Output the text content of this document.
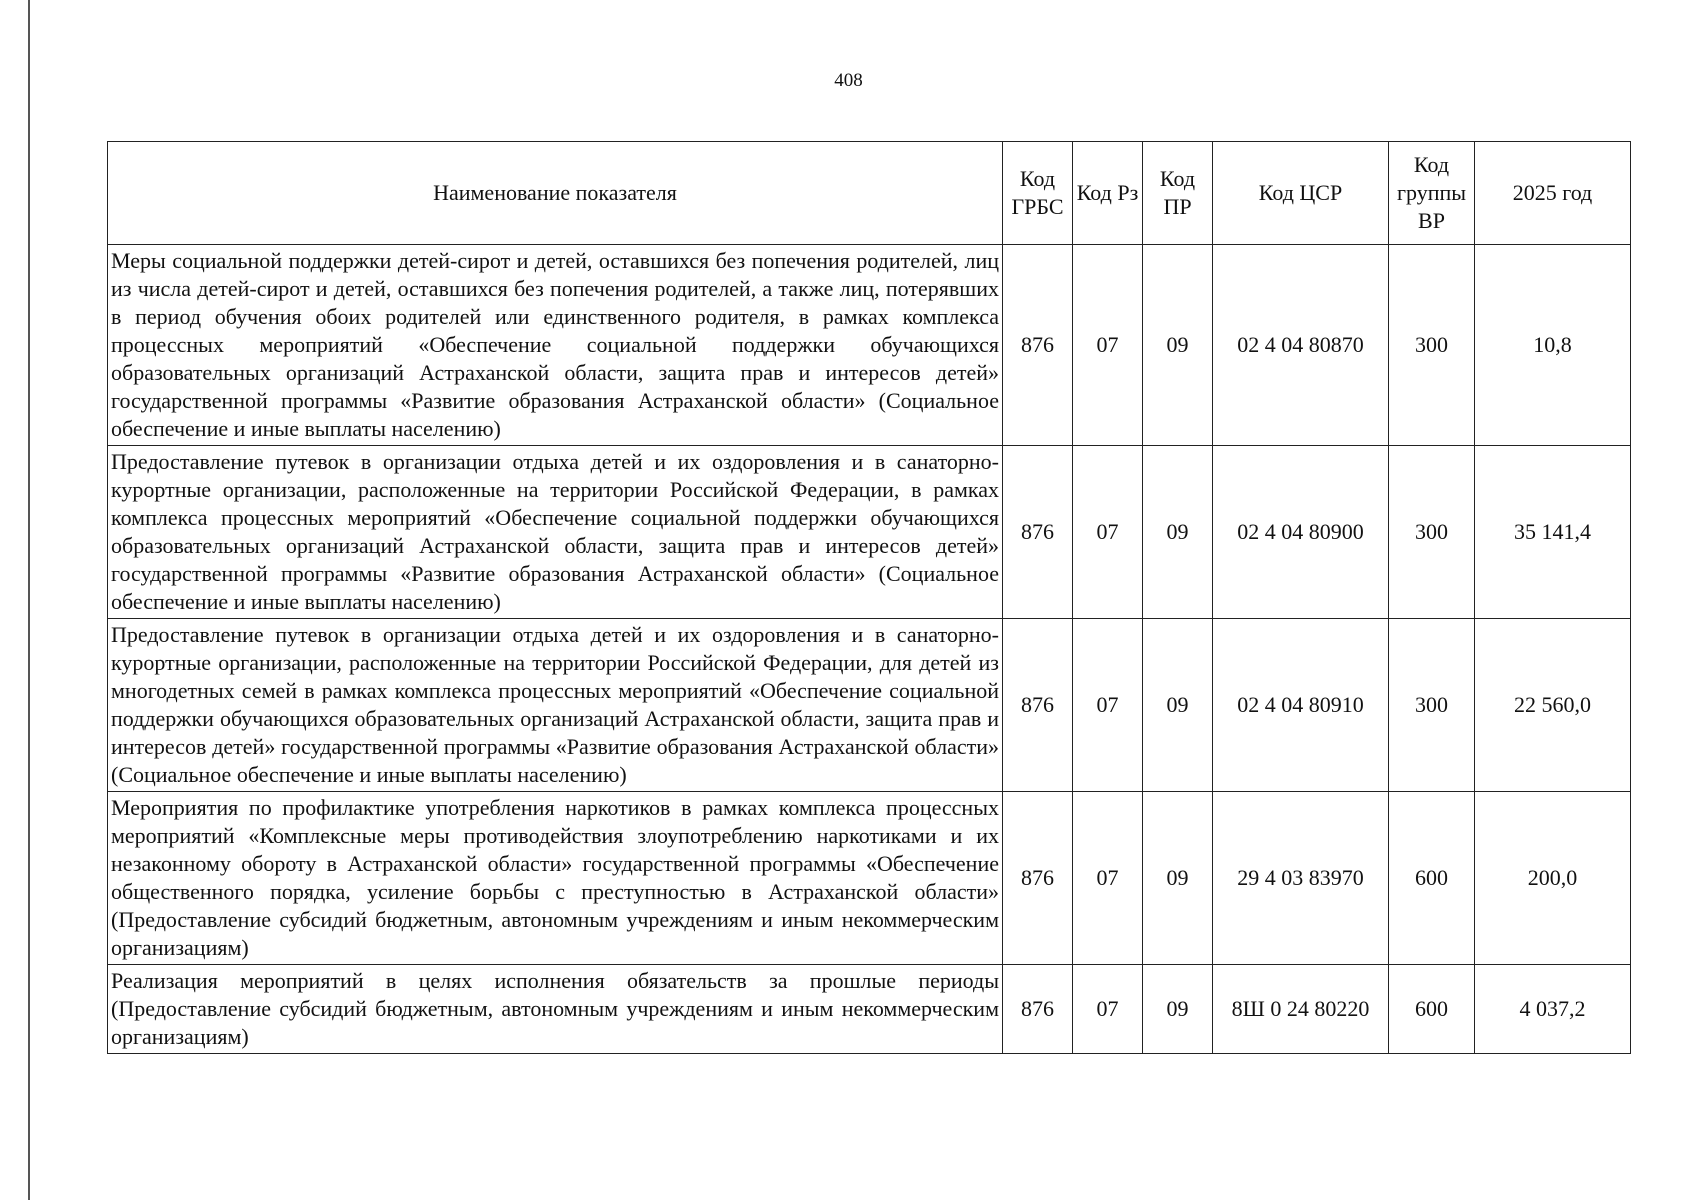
408
Наименование показателя	Код ГРБС	Код Рз	Код ПР	Код ЦСР	Код группы ВР	2025 год
Меры социальной поддержки детей-сирот и детей, оставшихся без попечения родителей, лиц из числа детей-сирот и детей, оставшихся без попечения родителей, а также лиц, потерявших в период обучения обоих родителей или единственного родителя, в рамках комплекса процессных мероприятий «Обеспечение социальной поддержки обучающихся образовательных организаций Астраханской области, защита прав и интересов детей» государственной программы «Развитие образования Астраханской области» (Социальное обеспечение и иные выплаты населению)	876	07	09	02 4 04 80870	300	10,8
Предоставление путевок в организации отдыха детей и их оздоровления и в санаторно-курортные организации, расположенные на территории Российской Федерации, в рамках комплекса процессных мероприятий «Обеспечение социальной поддержки обучающихся образовательных организаций Астраханской области, защита прав и интересов детей» государственной программы «Развитие образования Астраханской области» (Социальное обеспечение и иные выплаты населению)	876	07	09	02 4 04 80900	300	35 141,4
Предоставление путевок в организации отдыха детей и их оздоровления и в санаторно-курортные организации, расположенные на территории Российской Федерации, для детей из многодетных семей в рамках комплекса процессных мероприятий «Обеспечение социальной поддержки обучающихся образовательных организаций Астраханской области, защита прав и интересов детей» государственной программы «Развитие образования Астраханской области» (Социальное обеспечение и иные выплаты населению)	876	07	09	02 4 04 80910	300	22 560,0
Мероприятия по профилактике употребления наркотиков в рамках комплекса процессных мероприятий «Комплексные меры противодействия злоупотреблению наркотиками и их незаконному обороту в Астраханской области» государственной программы «Обеспечение общественного порядка, усиление борьбы с преступностью в Астраханской области» (Предоставление субсидий бюджетным, автономным учреждениям и иным некоммерческим организациям)	876	07	09	29 4 03 83970	600	200,0
Реализация мероприятий в целях исполнения обязательств за прошлые периоды (Предоставление субсидий бюджетным, автономным учреждениям и иным некоммерческим организациям)	876	07	09	8Ш 0 24 80220	600	4 037,2
